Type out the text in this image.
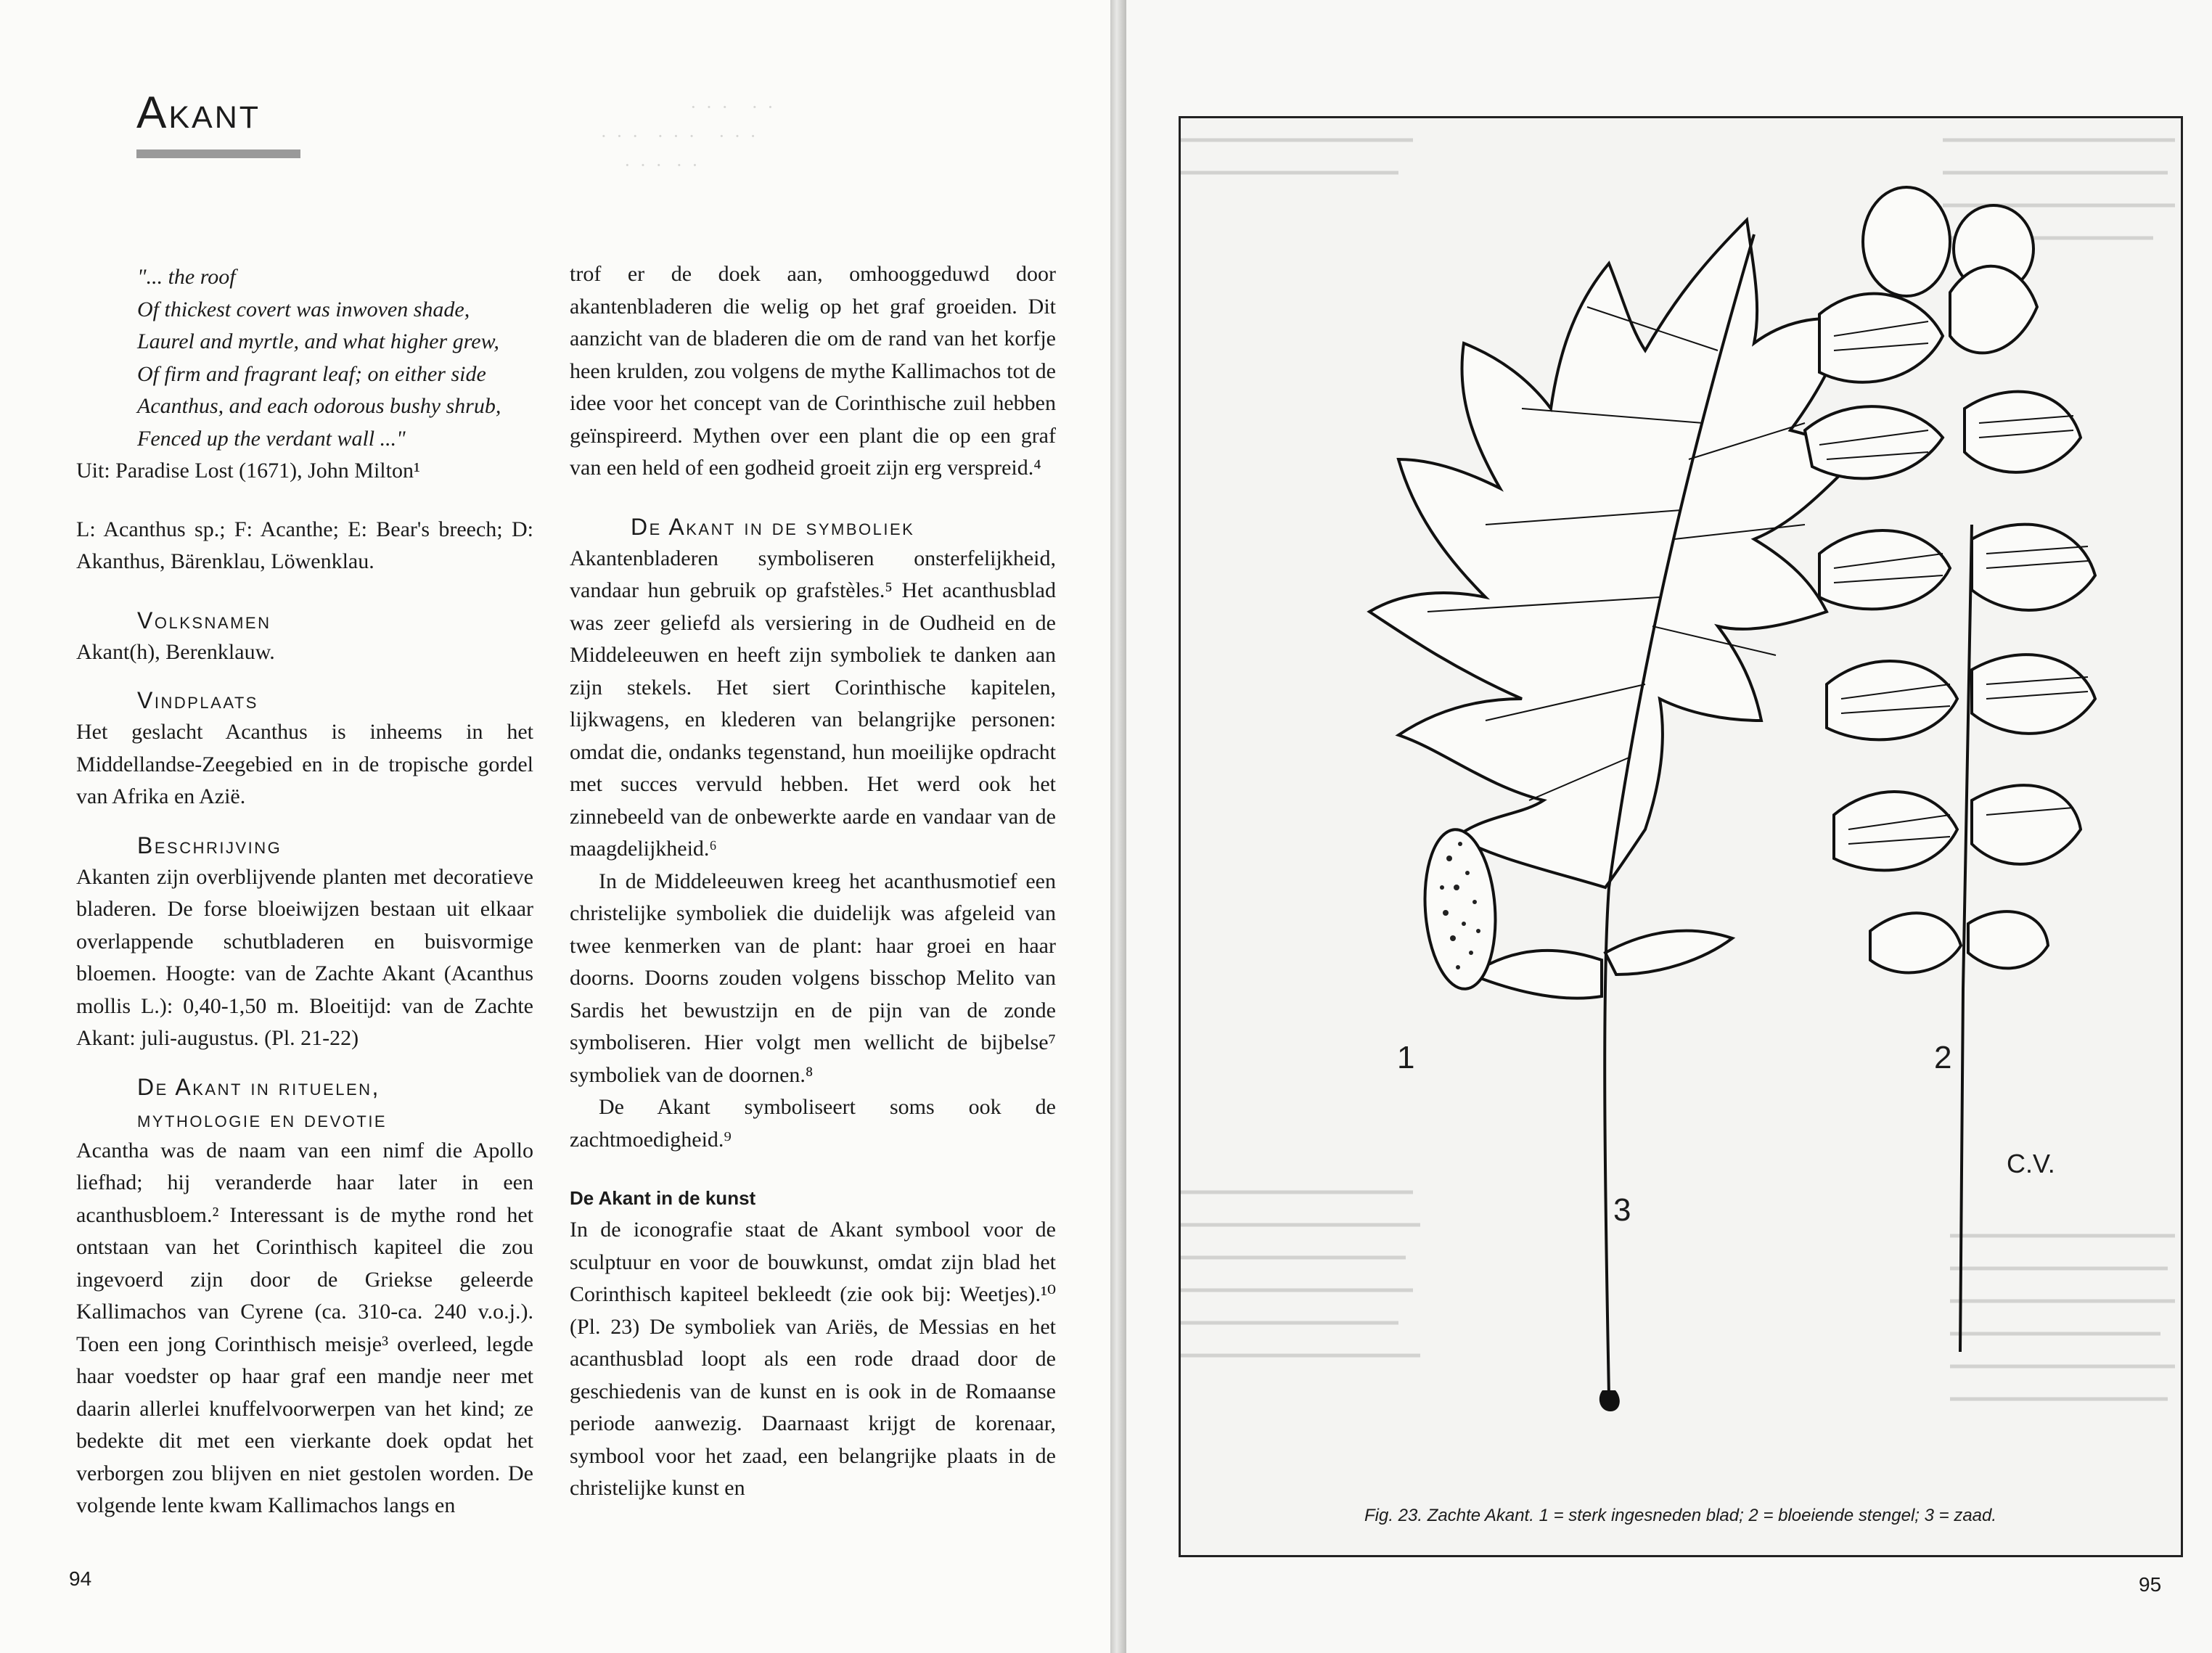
Akant	·  ·  ·     ·  ·
·  ·  ·    ·  ·  ·     ·  ·  ·
·  ·  ·   ·  ·

"... the roof

Of thickest covert was inwoven shade,

Laurel and myrtle, and what higher grew,

Of firm and fragrant leaf; on either side

Acanthus, and each odorous bushy shrub,

Fenced up the verdant wall ..."

Uit: Paradise Lost (1671), John Milton¹

L: Acanthus sp.; F: Acanthe; E: Bear's breech; D: Akanthus, Bärenklau, Löwenklau.

Volksnamen

Akant(h), Berenklauw.

Vindplaats

Het geslacht Acanthus is inheems in het Middellandse-Zeegebied en in de tropische gordel van Afrika en Azië.

Beschrijving

Akanten zijn overblijvende planten met decoratieve bladeren. De forse bloeiwijzen bestaan uit elkaar overlappende schutbladeren en buisvormige bloemen. Hoogte: van de Zachte Akant (Acanthus mollis L.): 0,40-1,50 m. Bloeitijd: van de Zachte Akant: juli-augustus. (Pl. 21-22)

De Akant in rituelen,
mythologie en devotie

Acantha was de naam van een nimf die Apollo liefhad; hij veranderde haar later in een acanthusbloem.² Interessant is de mythe rond het ontstaan van het Corinthisch kapiteel die zou ingevoerd zijn door de Griekse geleerde Kallimachos van Cyrene (ca. 310-ca. 240 v.o.j.). Toen een jong Corinthisch meisje³ overleed, legde haar voedster op haar graf een mandje neer met daarin allerlei knuffelvoorwerpen van het kind; ze bedekte dit met een vierkante doek opdat het verborgen zou blijven en niet gestolen worden. De volgende lente kwam Kallimachos langs en

trof er de doek aan, omhooggeduwd door akantenbladeren die welig op het graf groeiden. Dit aanzicht van de bladeren die om de rand van het korfje heen krulden, zou volgens de mythe Kallimachos tot de idee voor het concept van de Corinthische zuil hebben geïnspireerd. Mythen over een plant die op een graf van een held of een godheid groeit zijn erg verspreid.⁴

De Akant in de symboliek

Akantenbladeren symboliseren onsterfelijkheid, vandaar hun gebruik op grafstèles.⁵ Het acanthusblad was zeer geliefd als versiering in de Oudheid en de Middeleeuwen en heeft zijn symboliek te danken aan zijn stekels. Het siert Corinthische kapitelen, lijkwagens, en klederen van belangrijke personen: omdat die, ondanks tegenstand, hun moeilijke opdracht met succes vervuld hebben. Het werd ook het zinnebeeld van de onbewerkte aarde en vandaar van de maagdelijkheid.⁶

In de Middeleeuwen kreeg het acanthusmotief een christelijke symboliek die duidelijk was afgeleid van twee kenmerken van de plant: haar groei en haar doorns. Doorns zouden volgens bisschop Melito van Sardis het bewustzijn en de pijn van de zonde symboliseren. Hier volgt men wellicht de bijbelse⁷ symboliek van de doornen.⁸

De Akant symboliseert soms ook de zachtmoedigheid.⁹

De Akant in de kunst

In de iconografie staat de Akant symbool voor de sculptuur en voor de bouwkunst, omdat zijn blad het Corinthisch kapiteel bekleedt (zie ook bij: Weetjes).¹⁰ (Pl. 23) De symboliek van Ariës, de Messias en het acanthusblad loopt als een rode draad door de geschiedenis van de kunst en is ook in de Romaanse periode aanwezig. Daarnaast krijgt de korenaar, symbool voor het zaad, een belangrijke plaats in de christelijke kunst en

94	95
1	2
3
C.V.
Fig. 23. Zachte Akant. 1 = sterk ingesneden blad; 2 = bloeiende stengel; 3 = zaad.
